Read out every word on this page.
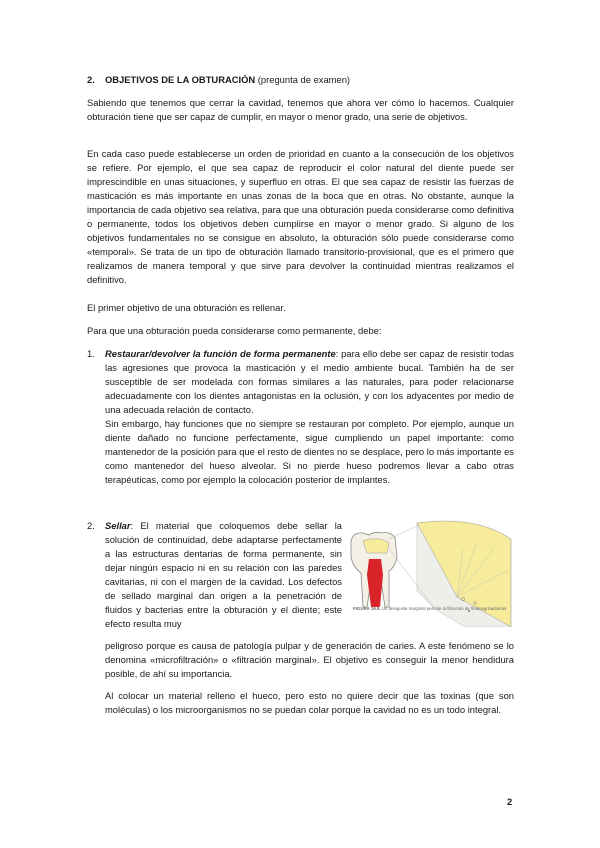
2. OBJETIVOS DE LA OBTURACIÓN (pregunta de examen)
Sabiendo que tenemos que cerrar la cavidad, tenemos que ahora ver cómo lo hacemos. Cualquier obturación tiene que ser capaz de cumplir, en mayor o menor grado, una serie de objetivos.
En cada caso puede establecerse un orden de prioridad en cuanto a la consecución de los objetivos se refiere. Por ejemplo, el que sea capaz de reproducir el color natural del diente puede ser imprescindible en unas situaciones, y superfluo en otras. El que sea capaz de resistir las fuerzas de masticación es más importante en unas zonas de la boca que en otras. No obstante, aunque la importancia de cada objetivo sea relativa, para que una obturación pueda considerarse como definitiva o permanente, todos los objetivos deben cumplirse en mayor o menor grado. Si alguno de los objetivos fundamentales no se consigue en absoluto, la obturación sólo puede considerarse como «temporal». Se trata de un tipo de obturación llamado transitorio-provisional, que es el primero que realizamos de manera temporal y que sirve para devolver la continuidad mientras realizamos el definitivo.
El primer objetivo de una obturación es rellenar.
Para que una obturación pueda considerarse como permanente, debe:
1.	Restaurar/devolver la función de forma permanente: para ello debe ser capaz de resistir todas las agresiones que provoca la masticación y el medio ambiente bucal. También ha de ser susceptible de ser modelada con formas similares a las naturales, para poder relacionarse adecuadamente con los dientes antagonistas en la oclusión, y con los adyacentes por medio de una adecuada relación de contacto.
Sin embargo, hay funciones que no siempre se restauran por completo. Por ejemplo, aunque un diente dañado no funcione perfectamente, sigue cumpliendo un papel importante: como mantenedor de la posición para que el resto de dientes no se desplace, pero lo más importante es como mantenedor del hueso alveolar. Si no pierde hueso podremos llevar a cabo otras terapéuticas, como por ejemplo la colocación posterior de implantes.
2. Sellar: El material que coloquemos debe sellar la solución de continuidad, debe adaptarse perfectamente a las estructuras dentarias de forma permanente, sin dejar ningún espacio ni en su relación con las paredes cavitarias, ni con el margen de la cavidad. Los defectos de sellado marginal dan origen a la penetración de fluidos y bacterias entre la obturación y el diente; este efecto resulta muy
peligroso porque es causa de patología pulpar y de generación de caries. A este fenómeno se lo denomina «microfiltración» o «filtración marginal». El objetivo es conseguir la menor hendidura posible, de ahí su importancia.
Al colocar un material relleno el hueco, pero esto no quiere decir que las toxinas (que son moléculas) o los microorganismos no se puedan colar porque la cavidad no es un todo integral.
FIGURA 16.5. Un desajuste marginal permite la filtración de fluidos y bacterias.
2
